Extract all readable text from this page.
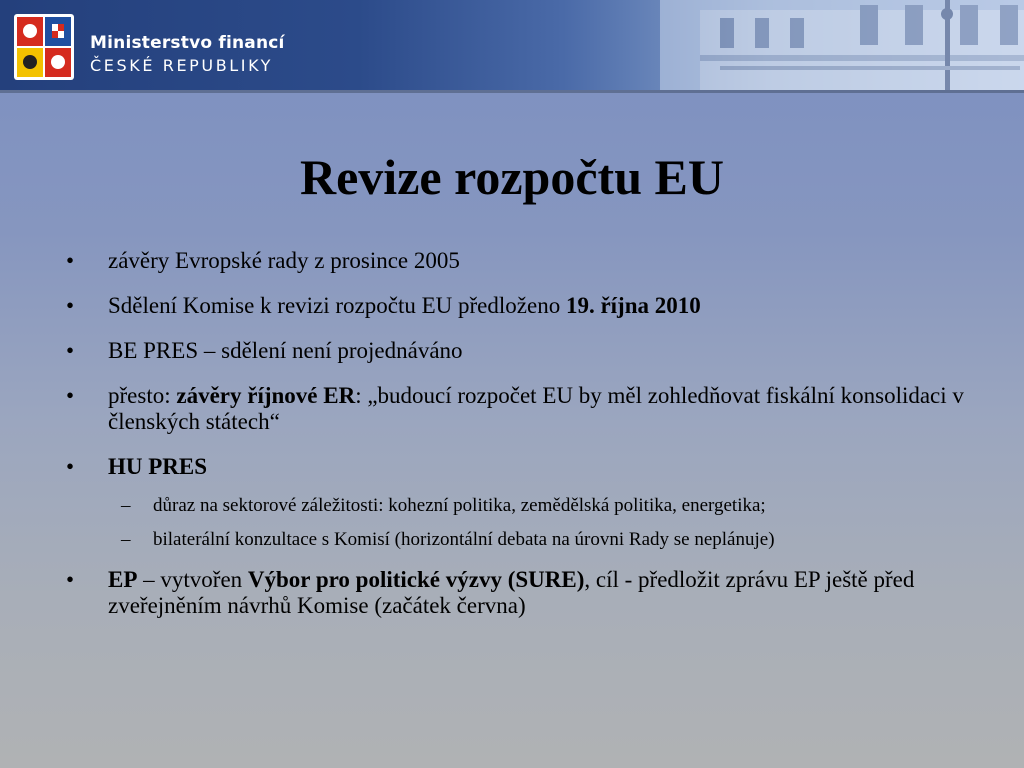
Ministerstvo financí
ČESKÉ REPUBLIKY
Revize rozpočtu EU
• závěry Evropské rady z prosince 2005
• Sdělení Komise k revizi rozpočtu EU předloženo 19. října 2010
• BE PRES – sdělení není projednáváno
• přesto: závěry říjnové ER: „budoucí rozpočet EU by měl zohledňovat fiskální konsolidaci v členských státech“
• HU PRES
– důraz na sektorové záležitosti: kohezní politika, zemědělská politika, energetika;
– bilaterální konzultace s Komisí (horizontální debata na úrovni Rady se neplánuje)
• EP – vytvořen Výbor pro politické výzvy (SURE), cíl - předložit zprávu EP ještě před zveřejněním návrhů Komise (začátek června)
